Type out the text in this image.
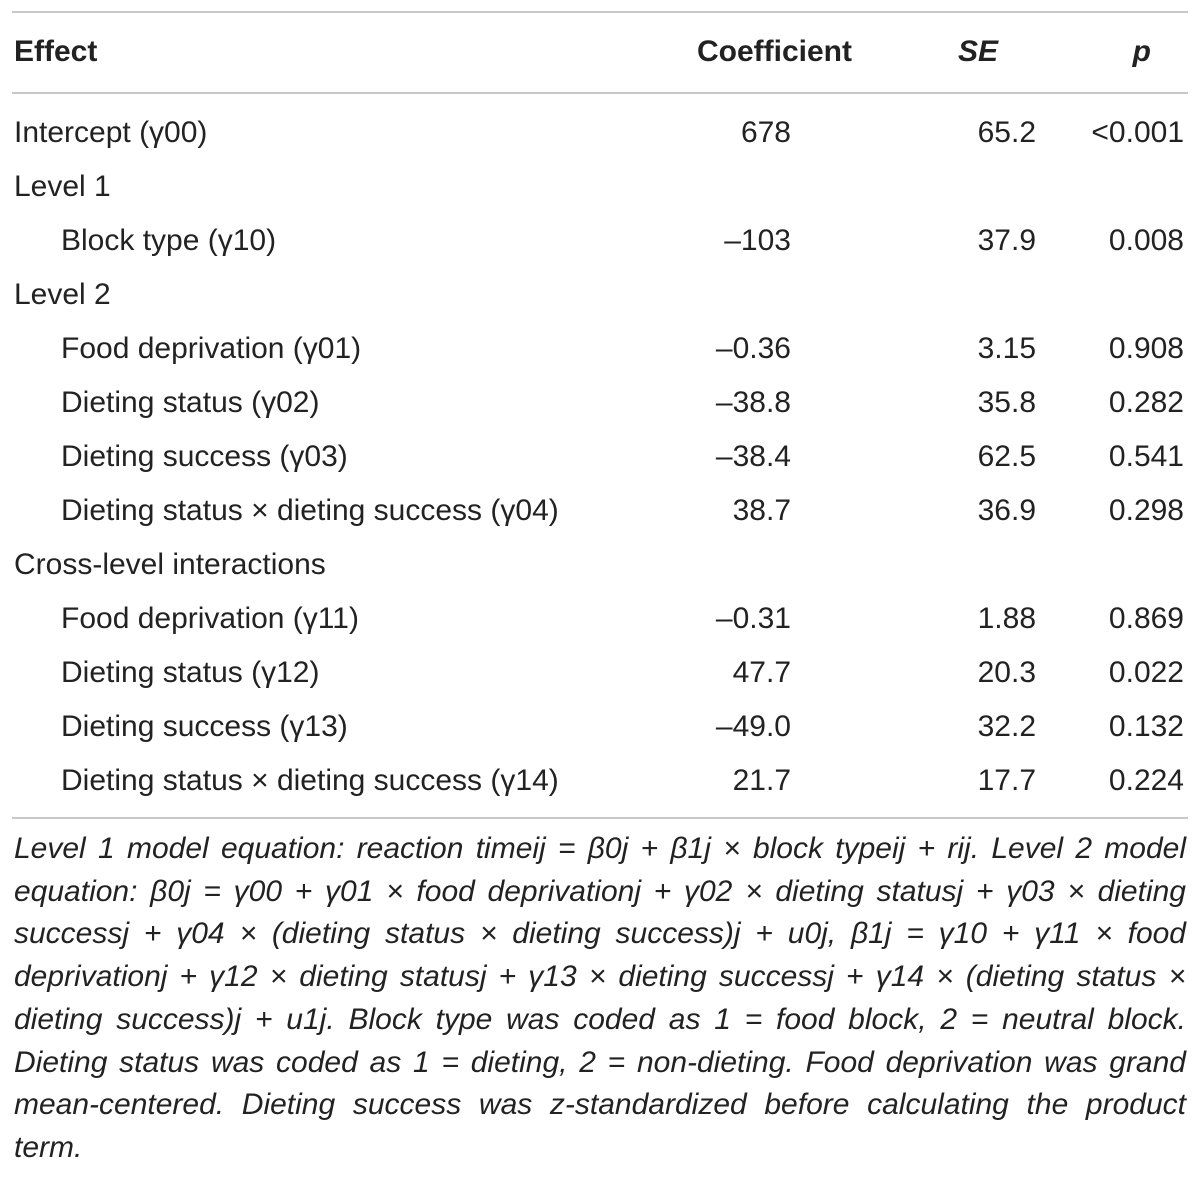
Effect	Coefficient	SE	p
Intercept (γ00)	678	65.2 <0.001
Level 1
Block type (γ10)	–103	37.9 0.008
Level 2
Food deprivation (γ01)	–0.36	3.15 0.908
Dieting status (γ02)	–38.8	35.8 0.282
Dieting success (γ03)	–38.4	62.5 0.541
Dieting status × dieting success (γ04)	38.7	36.9 0.298
Cross-level interactions
Food deprivation (γ11)	–0.31	1.88 0.869
Dieting status (γ12)	47.7	20.3 0.022
Dieting success (γ13)	–49.0	32.2 0.132
Dieting status × dieting success (γ14)	21.7	17.7 0.224
Level 1 model equation: reaction timeij = β0j + β1j × block typeij + rij. Level 2 model equation: β0j = γ00 + γ01 × food deprivationj + γ02 × dieting statusj + γ03 × dieting successj + γ04 × (dieting status × dieting success)j + u0j, β1j = γ10 + γ11 × food deprivationj + γ12 × dieting statusj + γ13 × dieting successj + γ14 × (dieting status × dieting success)j + u1j. Block type was coded as 1 = food block, 2 = neutral block. Dieting status was coded as 1 = dieting, 2 = non-dieting. Food deprivation was grand mean-centered. Dieting success was z-standardized before calculating the product term.
